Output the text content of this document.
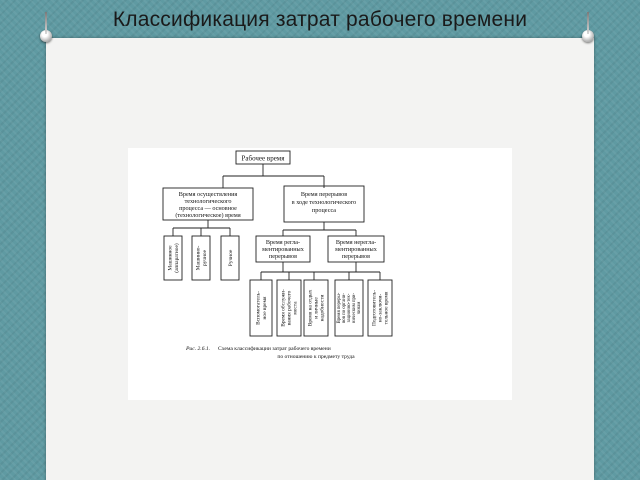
Классификация затрат рабочего времени
Рабочее время
Время осуществления
технологического
процесса — основное
(технологическое) время
Время перерывов
в ходе технологического
процесса
Время регла-
ментированных
перерывов
Время нерегла-
ментированных
перерывов
Машинное (аппаратное)	Машинно- ручное	Ручное
Вспомогатель- ное время Время обслужи- вания рабочего места Время на отдых и личные надобности Время переры- вов по органи- зационно-тех- ническим при- чинам Подготовитель- но-заключи- тельное время
Рис. 2.6.1. Схема классификации затрат рабочего времени
по отношению к предмету труда
